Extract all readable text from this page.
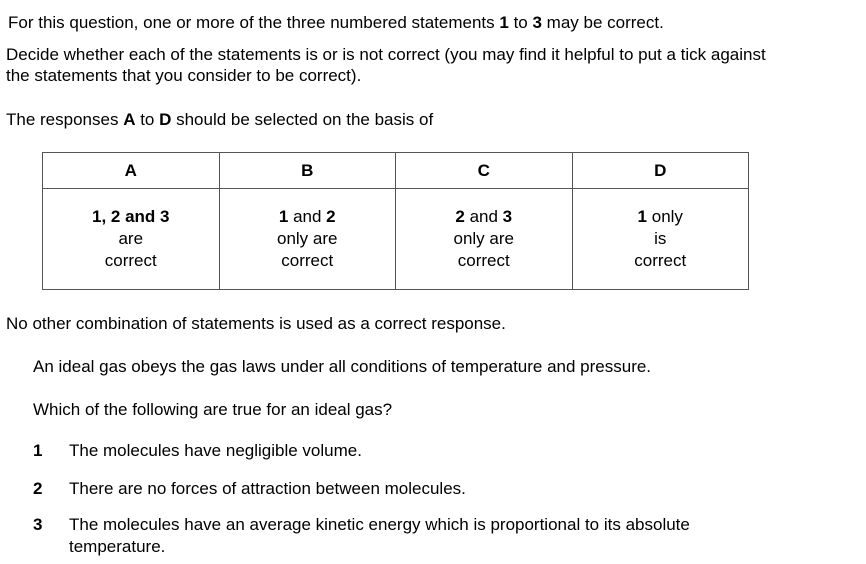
For this question, one or more of the three numbered statements 1 to 3 may be correct.
Decide whether each of the statements is or is not correct (you may find it helpful to put a tick against
the statements that you consider to be correct).
The responses A to D should be selected on the basis of
A	B	C	D

1, 2 and 3
are
correct	1 and 2
only are
correct	2 and 3
only are
correct	1 only
is
correct
No other combination of statements is used as a correct response.
An ideal gas obeys the gas laws under all conditions of temperature and pressure.
Which of the following are true for an ideal gas?
1	The molecules have negligible volume.
2	There are no forces of attraction between molecules.
3	The molecules have an average kinetic energy which is proportional to its absolute
temperature.
